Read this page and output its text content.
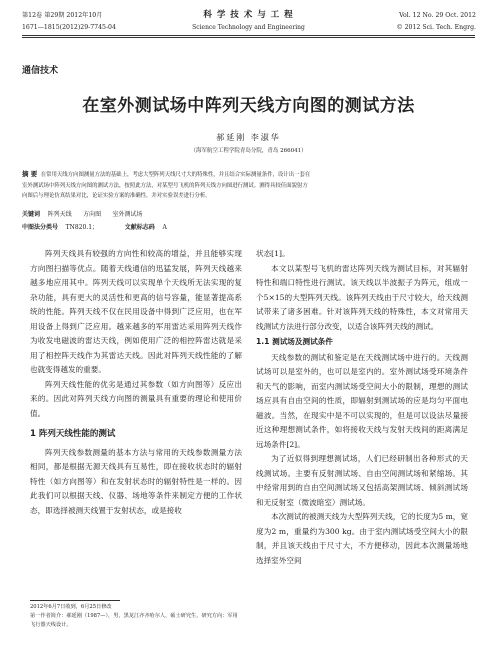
第12卷 第29期 2012年10月
1671—1815(2012)29-7745-04
科 学 技 术 与 工 程
Science Technology and Engineering
Vol. 12 No. 29 Oct. 2012
© 2012 Sci. Tech. Engrg.
通信技术
在室外测试场中阵列天线方向图的测试方法
郝延刚 李淑华
（海军航空工程学院青岛分院，青岛 266041）
摘 要 在常用天线方向图测量方法的基础上，考虑大型阵列天线尺寸大的特殊性，并且结合实际测量条件，设计出一套在
室外测试场中阵列天线方向图的测试方法，按照此方法，对某型号飞机的阵列天线方向图进行测试。测得具较佳面貌射方
向图后与理论仿真结果对比，论证实验方案的准确性，并对实验误差进行分析。
关键词 阵列天线      方向图      室外测试场
中图法分类号 TN820.1；	文献标志码 A

阵列天线具有较强的方向性和较高的增益，并且能够实现方向图扫描等优点。随着天线通信的迅猛发展，阵列天线越来越多地应用其中。阵列天线可以实现单个天线所无法实现的复杂功能，具有更大的灵活性和更高的信号容量，能显著提高系统的性能。阵列天线不仅在民用设备中得到广泛应用，也在军用设备上得到广泛应用。越来越多的军用雷达采用阵列天线作为收发电磁波的雷达天线，例如使用广泛的相控阵雷达就是采用了相控阵天线作为其雷达天线。因此对阵列天线性能的了解也就变得越发的重要。

阵列天线性能的优劣是通过其参数（如方向图等）反应出来的。因此对阵列天线方向图的测量具有重要的理论和使用价值。

1 阵列天线性能的测试

阵列天线参数测量的基本方法与常用的天线参数测量方法相同，都是根据无源天线具有互易性，即在接收状态时的辐射特性（如方向图等）和在发射状态时的辐射特性是一样的。因此我们可以根据天线、仪器、场地等条件来制定方便的工作状态，即选择被测天线置于发射状态，或是接收

2012年6月7日收到，6月25日修改
第一作者简介：郝延刚（1987—），男，黑龙江齐齐哈尔人，硕士研究生，研究方向：军用飞行器天线设计。
状态[1]。

本文以某型号飞机的雷达阵列天线为测试目标，对其辐射特性和端口特性进行测试。该天线以半波振子为阵元，组成一个5×15的大型阵列天线。该阵列天线由于尺寸较大，给天线测试带来了诸多困难。针对该阵列天线的特殊性，本文对常用天线测试方法进行部分改变，以适合该阵列天线的测试。

1.1 测试场及测试条件

天线参数的测试和鉴定是在天线测试场中进行的。天线测试场可以是室外的，也可以是室内的。室外测试场受环境条件和天气的影响，而室内测试场受空间大小的限制，理想的测试场应具有自由空间的性质，即辐射到测试场的应是均匀平面电磁波。当然，在现实中是不可以实现的，但是可以设法尽量接近这种理想测试条件，如将接收天线与发射天线间的距离满足远场条件[2]。

为了近似得到理想测试场，人们已经研制出各种形式的天线测试场。主要有反射测试场、自由空间测试场和紧缩场。其中经常用到的自由空间测试场又包括高架测试场、倾斜测试场和无反射室（微波暗室）测试场。

本次测试的被测天线为大型阵列天线，它的长度为5 m，宽度为2 m，重量约为300 kg。由于室内测试场受空间大小的限制，并且该天线由于尺寸大，不方便移动，因此本次测量场地选择室外空间
